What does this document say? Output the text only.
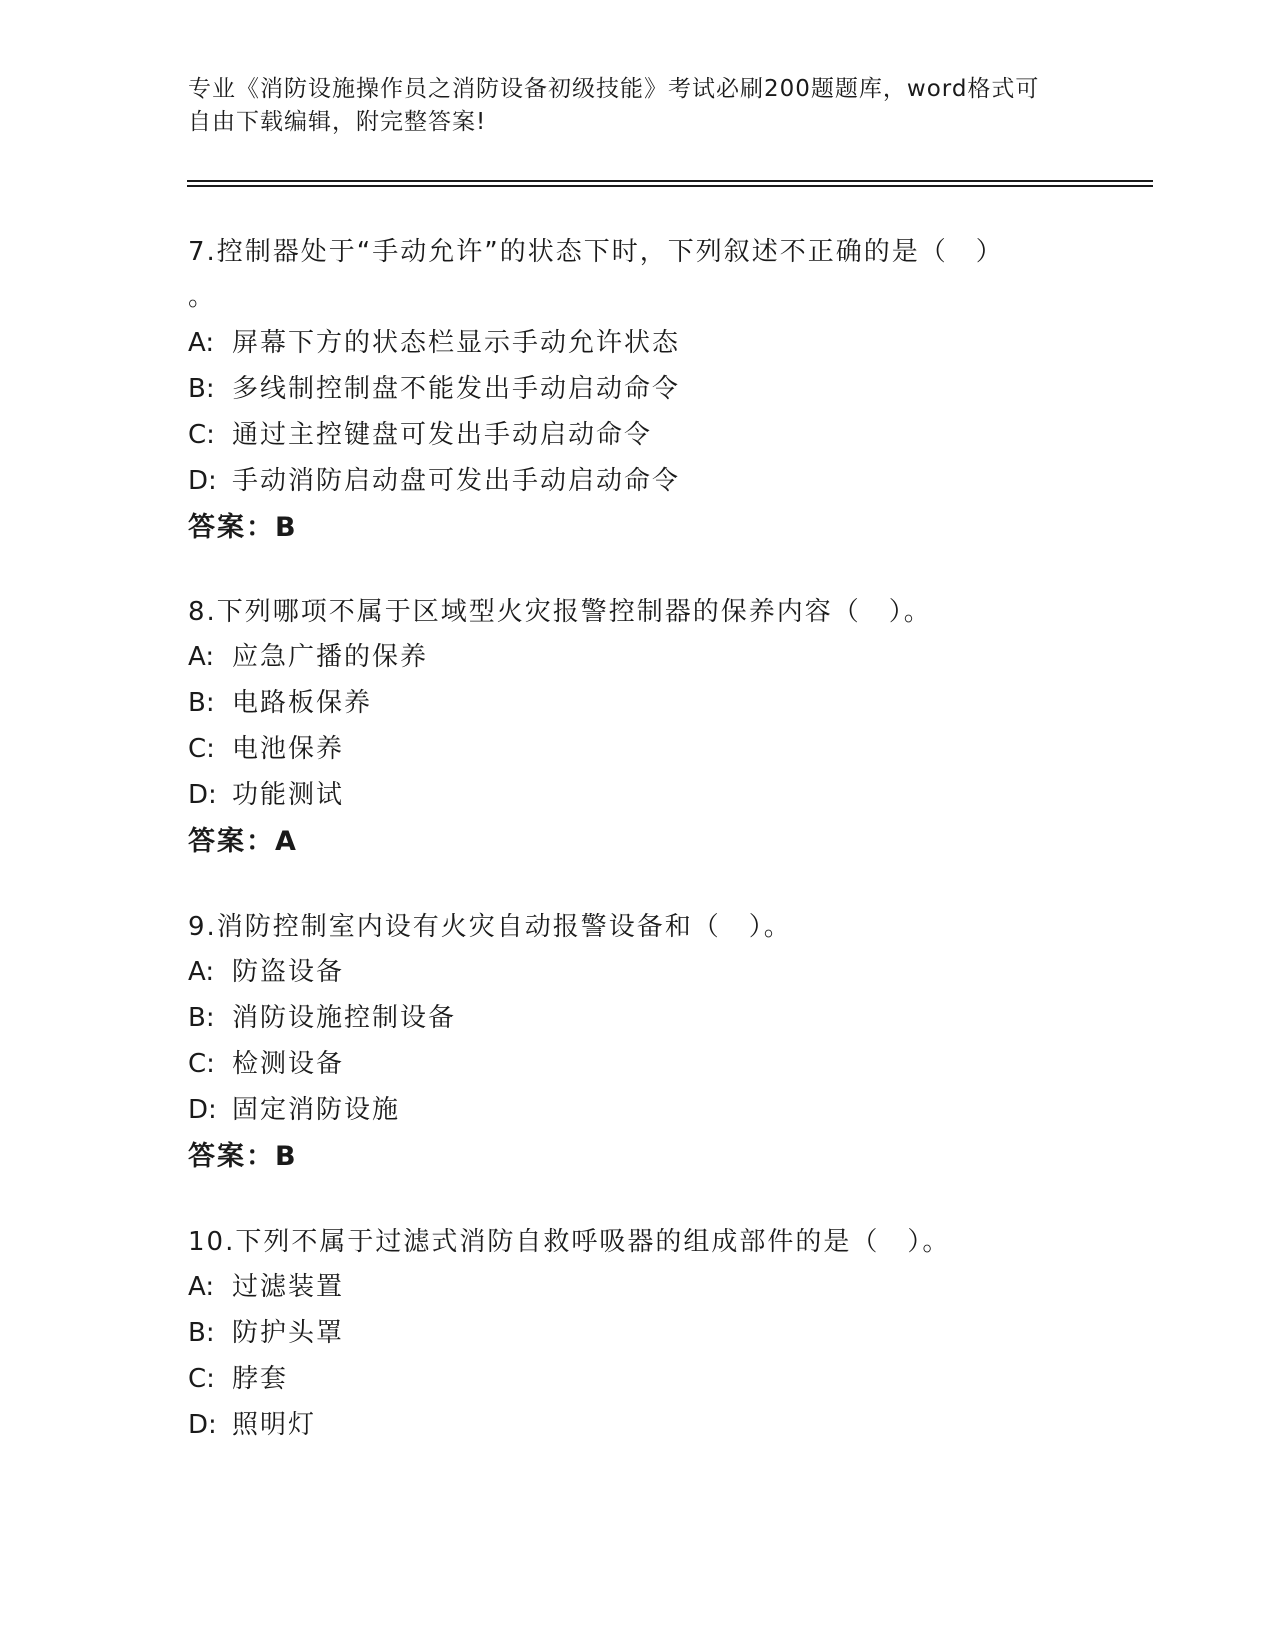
专业《消防设施操作员之消防设备初级技能》考试必刷200题题库，word格式可
自由下载编辑，附完整答案!
7.控制器处于“手动允许”的状态下时，下列叙述不正确的是（　）
。
A: 屏幕下方的状态栏显示手动允许状态
B: 多线制控制盘不能发出手动启动命令
C: 通过主控键盘可发出手动启动命令
D: 手动消防启动盘可发出手动启动命令
答案：B
8.下列哪项不属于区域型火灾报警控制器的保养内容（　）。
A: 应急广播的保养
B: 电路板保养
C: 电池保养
D: 功能测试
答案：A
9.消防控制室内设有火灾自动报警设备和（　）。
A: 防盗设备
B: 消防设施控制设备
C: 检测设备
D: 固定消防设施
答案：B
10.下列不属于过滤式消防自救呼吸器的组成部件的是（　）。
A: 过滤装置
B: 防护头罩
C: 脖套
D: 照明灯
